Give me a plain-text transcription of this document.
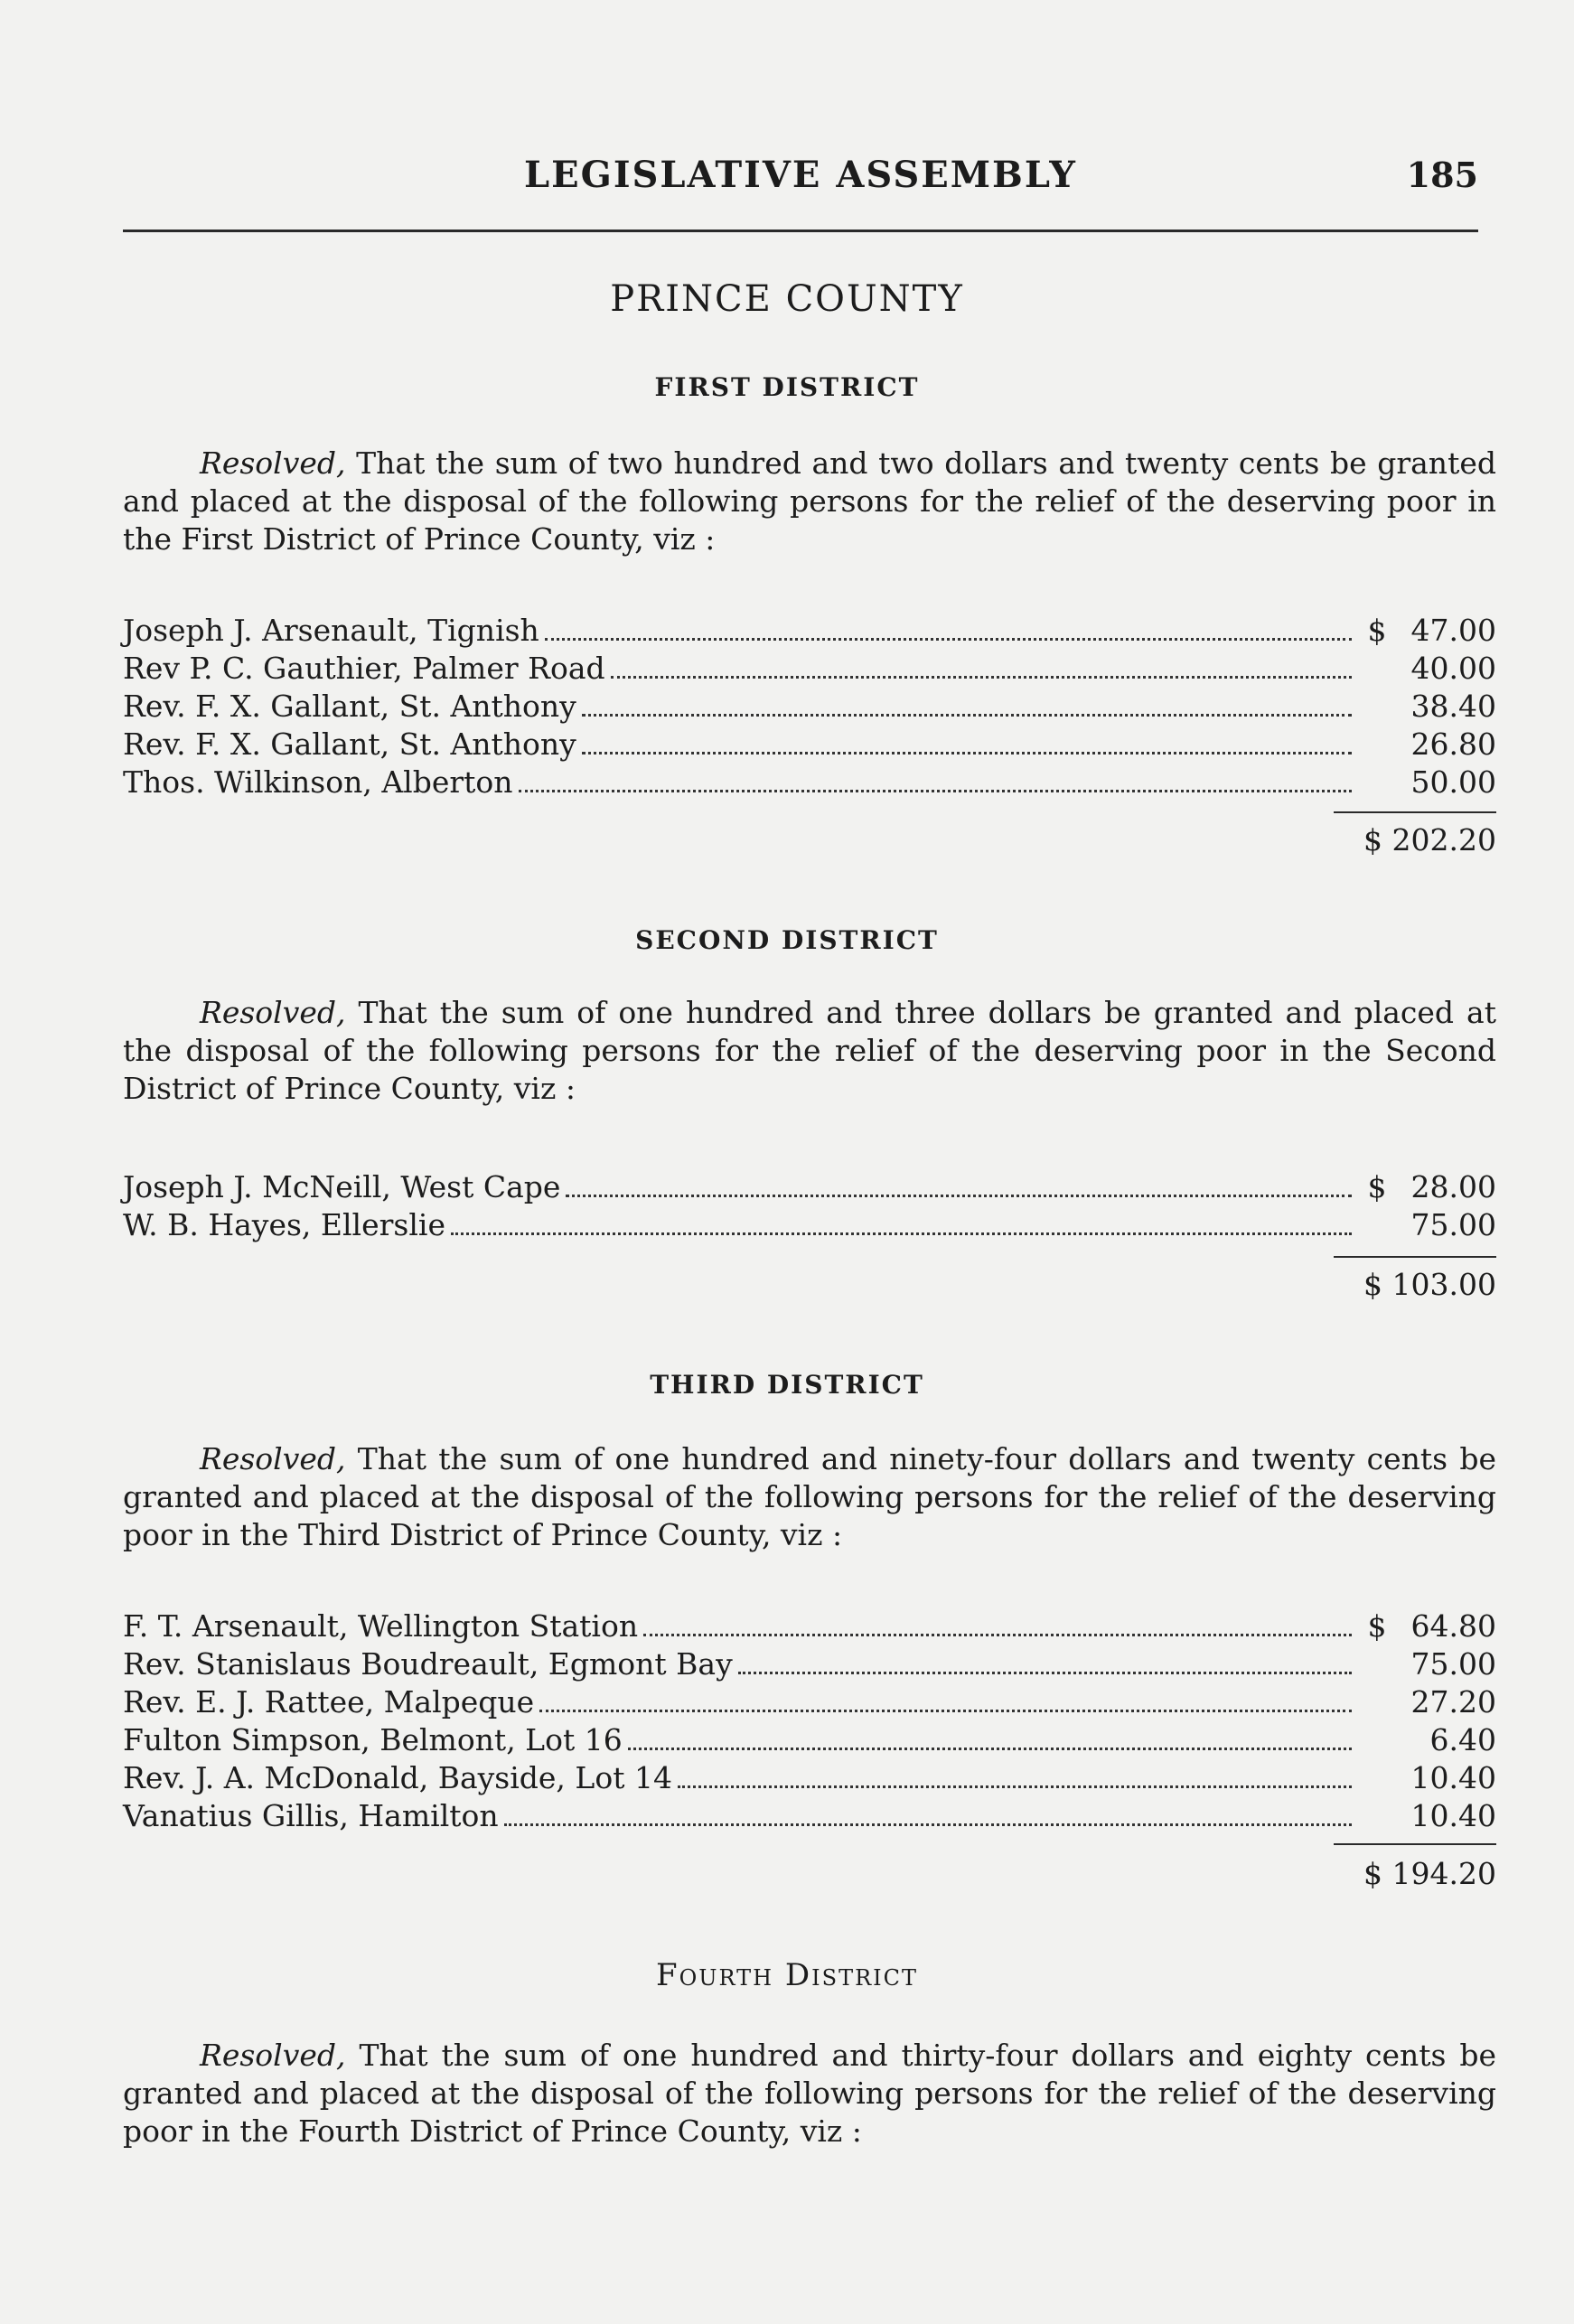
LEGISLATIVE ASSEMBLY	185
PRINCE COUNTY
FIRST DISTRICT
Resolved, That the sum of two hundred and two dollars and twenty cents be granted and placed at the disposal of the following persons for the relief of the deserving poor in the First District of Prince County, viz :
Joseph J. Arsenault, Tignish	$ 47.00
Rev P. C. Gauthier, Palmer Road	40.00
Rev. F. X. Gallant, St. Anthony	38.40
Rev. F. X. Gallant, St. Anthony	26.80
Thos. Wilkinson, Alberton	50.00
$ 202.20
SECOND DISTRICT
Resolved, That the sum of one hundred and three dollars be granted and placed at the disposal of the following persons for the relief of the deserving poor in the Second District of Prince County, viz :
Joseph J. McNeill, West Cape	$ 28.00
W. B. Hayes, Ellerslie	75.00
$ 103.00
THIRD DISTRICT
Resolved, That the sum of one hundred and ninety-four dollars and twenty cents be granted and placed at the disposal of the following persons for the relief of the deserving poor in the Third District of Prince County, viz :
F. T. Arsenault, Wellington Station	$ 64.80
Rev. Stanislaus Boudreault, Egmont Bay	75.00
Rev. E. J. Rattee, Malpeque	27.20
Fulton Simpson, Belmont, Lot 16	6.40
Rev. J. A. McDonald, Bayside, Lot 14	10.40
Vanatius Gillis, Hamilton	10.40
$ 194.20
Fourth District
Resolved, That the sum of one hundred and thirty-four dollars and eighty cents be granted and placed at the disposal of the following persons for the relief of the deserving poor in the Fourth District of Prince County, viz :
